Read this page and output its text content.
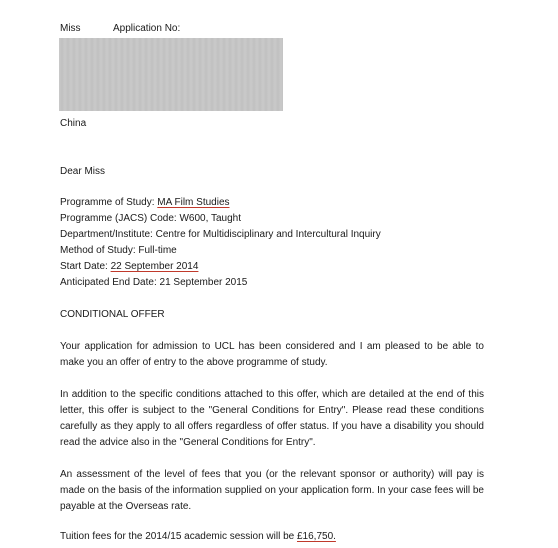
Miss	Application No:
China
Dear Miss
Programme of Study: MA Film Studies
Programme (JACS) Code: W600, Taught
Department/Institute: Centre for Multidisciplinary and Intercultural Inquiry
Method of Study: Full-time
Start Date: 22 September 2014
Anticipated End Date: 21 September 2015
CONDITIONAL OFFER
Your application for admission to UCL has been considered and I am pleased to be able to make you an offer of entry to the above programme of study.
In addition to the specific conditions attached to this offer, which are detailed at the end of this letter, this offer is subject to the "General Conditions for Entry". Please read these conditions carefully as they apply to all offers regardless of offer status. If you have a disability you should read the advice also in the "General Conditions for Entry".
An assessment of the level of fees that you (or the relevant sponsor or authority) will pay is made on the basis of the information supplied on your application form. In your case fees will be payable at the Overseas rate.
Tuition fees for the 2014/15 academic session will be £16,750.
